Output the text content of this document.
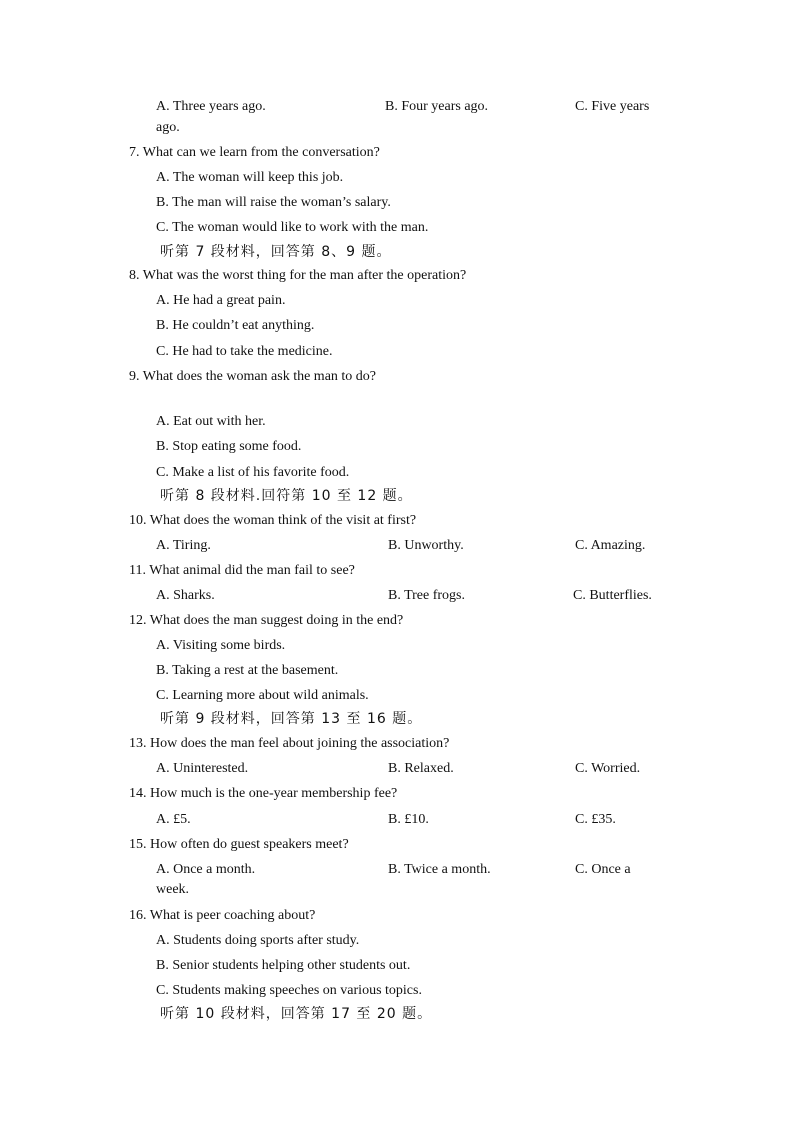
A. Three years ago.	B. Four years ago.	C. Five years
ago.
7. What can we learn from the conversation?
A. The woman will keep this job.
B. The man will raise the woman’s salary.
C. The woman would like to work with the man.
听第 7 段材料，回答第 8、9 题。
8. What was the worst thing for the man after the operation?
A. He had a great pain.
B. He couldn’t eat anything.
C. He had to take the medicine.
9. What does the woman ask the man to do?
A. Eat out with her.
B. Stop eating some food.
C. Make a list of his favorite food.
听第 8 段材料.回符第 10 至 12 题。
10. What does the woman think of the visit at first?
A. Tiring.	B. Unworthy.	C. Amazing.
11. What animal did the man fail to see?
A. Sharks.	B. Tree frogs.	C. Butterflies.
12. What does the man suggest doing in the end?
A. Visiting some birds.
B. Taking a rest at the basement.
C. Learning more about wild animals.
听第 9 段材料，回答第 13 至 16 题。
13. How does the man feel about joining the association?
A. Uninterested.	B. Relaxed.	C. Worried.
14. How much is the one-year membership fee?
A. £5.	B. £10.	C. £35.
15. How often do guest speakers meet?
A. Once a month.	B. Twice a month.	C. Once a
week.
16. What is peer coaching about?
A. Students doing sports after study.
B. Senior students helping other students out.
C. Students making speeches on various topics.
听第 10 段材料，回答第 17 至 20 题。
